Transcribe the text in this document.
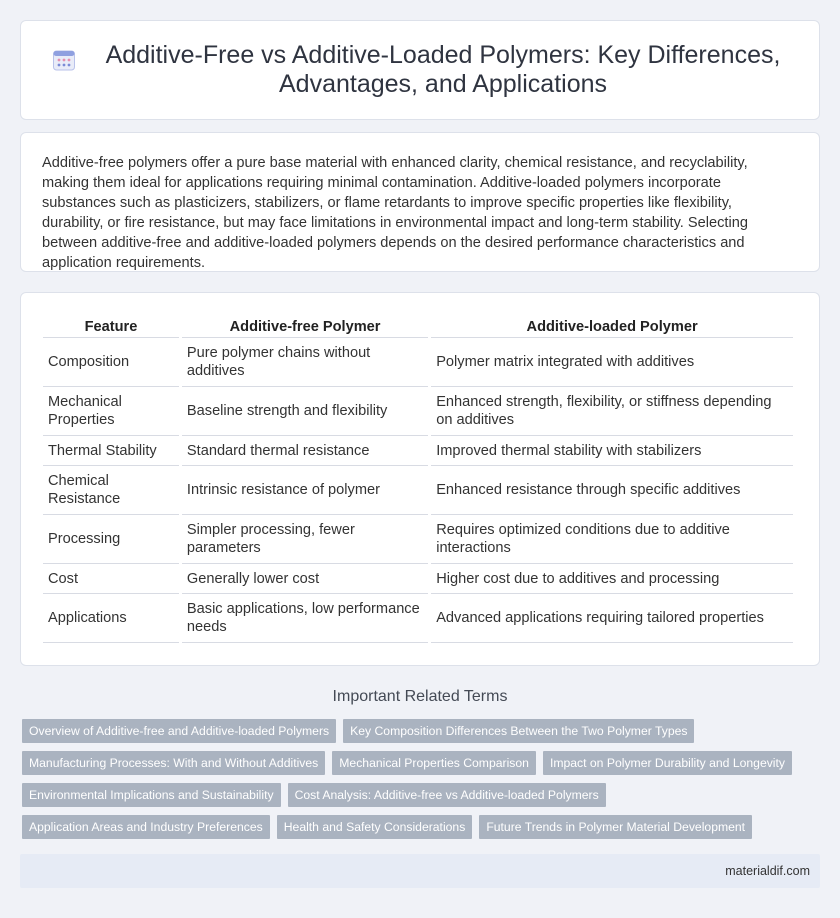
Additive-Free vs Additive-Loaded Polymers: Key Differences, Advantages, and Applications

Additive-free polymers offer a pure base material with enhanced clarity, chemical resistance, and recyclability, making them ideal for applications requiring minimal contamination. Additive-loaded polymers incorporate substances such as plasticizers, stabilizers, or flame retardants to improve specific properties like flexibility, durability, or fire resistance, but may face limitations in environmental impact and long-term stability. Selecting between additive-free and additive-loaded polymers depends on the desired performance characteristics and application requirements.

Feature	Additive-free Polymer	Additive-loaded Polymer
Composition	Pure polymer chains without additives	Polymer matrix integrated with additives
Mechanical Properties	Baseline strength and flexibility	Enhanced strength, flexibility, or stiffness depending on additives
Thermal Stability	Standard thermal resistance	Improved thermal stability with stabilizers
Chemical Resistance	Intrinsic resistance of polymer	Enhanced resistance through specific additives
Processing	Simpler processing, fewer parameters	Requires optimized conditions due to additive interactions
Cost	Generally lower cost	Higher cost due to additives and processing
Applications	Basic applications, low performance needs	Advanced applications requiring tailored properties
Important Related Terms
Overview of Additive-free and Additive-loaded Polymers	Key Composition Differences Between the Two Polymer Types
Manufacturing Processes: With and Without Additives	Mechanical Properties Comparison	Impact on Polymer Durability and Longevity
Environmental Implications and Sustainability	Cost Analysis: Additive-free vs Additive-loaded Polymers
Application Areas and Industry Preferences	Health and Safety Considerations	Future Trends in Polymer Material Development
materialdif.com
